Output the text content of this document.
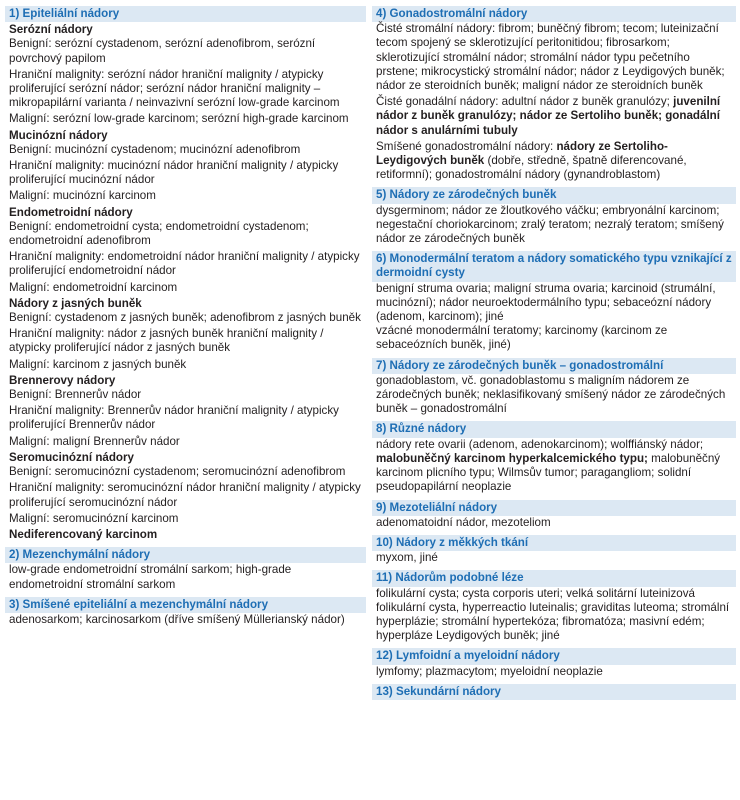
1) Epiteliální nádory
Serózní nádory
Benigní: serózní cystadenom, serózní adenofibrom, serózní povrchový papilom
Hraniční malignity: serózní nádor hraniční malignity / atypicky proliferující serózní nádor; serózní nádor hraniční malignity – mikropapilární varianta / neinvazivní serózní low-grade karcinom
Maligní: serózní low-grade karcinom; serózní high-grade karcinom
Mucinózní nádory
Benigní: mucinózní cystadenom; mucinózní adenofibrom
Hraniční malignity: mucinózní nádor hraniční malignity / atypicky proliferující mucinózní nádor
Maligní: mucinózní karcinom
Endometroidní nádory
Benigní: endometroidní cysta; endometroidní cystadenom; endometroidní adenofibrom
Hraniční malignity: endometroidní nádor hraniční malignity / atypicky proliferující endometroidní nádor
Maligní: endometroidní karcinom
Nádory z jasných buněk
Benigní: cystadenom z jasných buněk; adenofibrom z jasných buněk
Hraniční malignity: nádor z jasných buněk hraniční malignity / atypicky proliferující nádor z jasných buněk
Maligní: karcinom z jasných buněk
Brennerovy nádory
Benigní: Brennerův nádor
Hraniční malignity: Brennerův nádor hraniční malignity / atypicky proliferující Brennerův nádor
Maligní: maligní Brennerův nádor
Seromucinózní nádory
Benigní: seromucinózní cystadenom; seromucinózní adenofibrom
Hraniční malignity: seromucinózní nádor hraniční malignity / atypicky proliferující seromucinózní nádor
Maligní: seromucinózní karcinom
Nediferencovaný karcinom
2) Mezenchymální nádory
low-grade endometroidní stromální sarkom; high-grade endometroidní stromální sarkom
3) Smíšené epiteliální a mezenchymální nádory
adenosarkom; karcinosarkom (dříve smíšený Müllerianský nádor)
4) Gonadostromální nádory
Čisté stromální nádory: fibrom; buněčný fibrom; tecom; luteinizační tecom spojený se sklerotizující peritonitidou; fibrosarkom; sklerotizující stromální nádor; stromální nádor typu pečetního prstene; mikrocystický stromální nádor; nádor z Leydigových buněk; nádor ze steroidních buněk; maligní nádor ze steroidních buněk
Čisté gonadální nádory: adultní nádor z buněk granulózy; juvenilní nádor z buněk granulózy; nádor ze Sertoliho buněk; gonadální nádor s anulárními tubuly
Smíšené gonadostromální nádory: nádory ze Sertoliho-Leydigových buněk (dobře, středně, špatně diferencované, retiformní); gonadostromální nádory (gynandroblastom)
5) Nádory ze zárodečných buněk
dysgerminom; nádor ze žloutkového váčku; embryonální karcinom; negestační choriokarcinom; zralý teratom; nezralý teratom; smíšený nádor ze zárodečných buněk
6) Monodermální teratom a nádory somatického typu vznikající z dermoidní cysty
benigní struma ovaria; maligní struma ovaria; karcinoid (strumální, mucinózní); nádor neuroektodermálního typu; sebaceózní nádory (adenom, karcinom); jiné
vzácné monodermální teratomy; karcinomy (karcinom ze sebaceózních buněk, jiné)
7) Nádory ze zárodečných buněk – gonadostromální
gonadoblastom, vč. gonadoblastomu s maligním nádorem ze zárodečných buněk; neklasifikovaný smíšený nádor ze zárodečných buněk – gonadostromální
8) Různé nádory
nádory rete ovarii (adenom, adenokarcinom); wolffiánský nádor; malobuněčný karcinom hyperkalcemického typu; malobuněčný karcinom plicního typu; Wilmsův tumor; paragangliom; solidní pseudopapilární neoplazie
9) Mezoteliální nádory
adenomatoidní nádor, mezoteliom
10) Nádory z měkkých tkání
myxom, jiné
11) Nádorům podobné léze
folikulární cysta; cysta corporis uteri; velká solitární luteinizová folikulární cysta, hyperreactio luteinalis; graviditas luteoma; stromální hyperplázie; stromální hypertekóza; fibromatóza; masivní edém; hyperpláze Leydigových buněk; jiné
12) Lymfoidní a myeloidní nádory
lymfomy; plazmacytom; myeloidní neoplazie
13) Sekundární nádory
